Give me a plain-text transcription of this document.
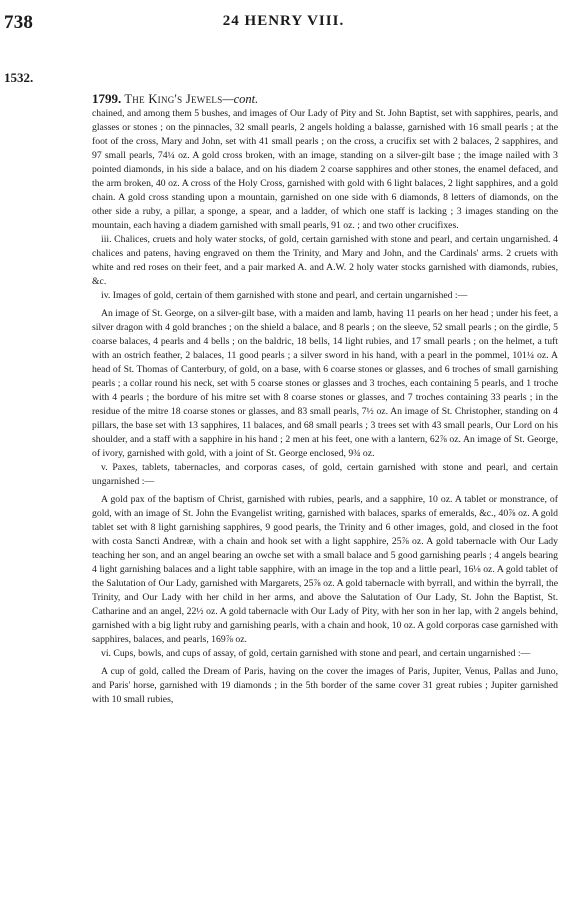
738	24 HENRY VIII.
1532.
1799. The King's Jewels—cont.

chained, and among them 5 bushes, and images of Our Lady of Pity and St. John Baptist, set with sapphires, pearls, and glasses or stones ; on the pinnacles, 32 small pearls, 2 angels holding a balasse, garnished with 16 small pearls ; at the foot of the cross, Mary and John, set with 41 small pearls ; on the cross, a crucifix set with 2 balaces, 2 sapphires, and 97 small pearls, 74¼ oz. A gold cross broken, with an image, standing on a silver-gilt base ; the image nailed with 3 pointed diamonds, in his side a balace, and on his diadem 2 coarse sapphires and other stones, the enamel defaced, and the arm broken, 40 oz. A cross of the Holy Cross, garnished with gold with 6 light balaces, 2 light sapphires, and a gold chain. A gold cross standing upon a mountain, garnished on one side with 6 diamonds, 8 letters of diamonds, on the other side a ruby, a pillar, a sponge, a spear, and a ladder, of which one staff is lacking ; 3 images standing on the mountain, each having a diadem garnished with small pearls, 91 oz. ; and two other crucifixes.

iii. Chalices, cruets and holy water stocks, of gold, certain garnished with stone and pearl, and certain ungarnished. 4 chalices and patens, having engraved on them the Trinity, and Mary and John, and the Cardinals' arms. 2 cruets with white and red roses on their feet, and a pair marked A. and A.W. 2 holy water stocks garnished with diamonds, rubies, &c.

iv. Images of gold, certain of them garnished with stone and pearl, and certain ungarnished :—

An image of St. George, on a silver-gilt base, with a maiden and lamb, having 11 pearls on her head ; under his feet, a silver dragon with 4 gold branches ; on the shield a balace, and 8 pearls ; on the sleeve, 52 small pearls ; on the girdle, 5 coarse balaces, 4 pearls and 4 bells ; on the baldric, 18 bells, 14 light rubies, and 17 small pearls ; on the helmet, a tuft with an ostrich feather, 2 balaces, 11 good pearls ; a silver sword in his hand, with a pearl in the pommel, 101¼ oz. A head of St. Thomas of Canterbury, of gold, on a base, with 6 coarse stones or glasses, and 6 troches of small garnishing pearls ; a collar round his neck, set with 5 coarse stones or glasses and 3 troches, each containing 5 pearls, and 1 troche with 4 pearls ; the bordure of his mitre set with 8 coarse stones or glasses, and 7 troches containing 33 pearls ; in the residue of the mitre 18 coarse stones or glasses, and 83 small pearls, 7½ oz. An image of St. Christopher, standing on 4 pillars, the base set with 13 sapphires, 11 balaces, and 68 small pearls ; 3 trees set with 43 small pearls, Our Lord on his shoulder, and a staff with a sapphire in his hand ; 2 men at his feet, one with a lantern, 62⅞ oz. An image of St. George, of ivory, garnished with gold, with a joint of St. George enclosed, 9¾ oz.

v. Paxes, tablets, tabernacles, and corporas cases, of gold, certain garnished with stone and pearl, and certain ungarnished :—

A gold pax of the baptism of Christ, garnished with rubies, pearls, and a sapphire, 10 oz. A tablet or monstrance, of gold, with an image of St. John the Evangelist writing, garnished with balaces, sparks of emeralds, &c., 40⅞ oz. A gold tablet set with 8 light garnishing sapphires, 9 good pearls, the Trinity and 6 other images, gold, and closed in the foot with costa Sancti Andreæ, with a chain and hook set with a light sapphire, 25⅞ oz. A gold tabernacle with Our Lady teaching her son, and an angel bearing an owche set with a small balace and 5 good garnishing pearls ; 4 angels bearing 4 light garnishing balaces and a light table sapphire, with an image in the top and a little pearl, 16⅛ oz. A gold tablet of the Salutation of Our Lady, garnished with Margarets, 25⅞ oz. A gold tabernacle with byrrall, and within the byrrall, the Trinity, and Our Lady with her child in her arms, and above the Salutation of Our Lady, St. John the Baptist, St. Catharine and an angel, 22½ oz. A gold tabernacle with Our Lady of Pity, with her son in her lap, with 2 angels behind, garnished with a big light ruby and garnishing pearls, with a chain and hook, 10 oz. A gold corporas case garnished with sapphires, balaces, and pearls, 169⅞ oz.

vi. Cups, bowls, and cups of assay, of gold, certain garnished with stone and pearl, and certain ungarnished :—

A cup of gold, called the Dream of Paris, having on the cover the images of Paris, Jupiter, Venus, Pallas and Juno, and Paris' horse, garnished with 19 diamonds ; in the 5th border of the same cover 31 great rubies ; Jupiter garnished with 10 small rubies,
